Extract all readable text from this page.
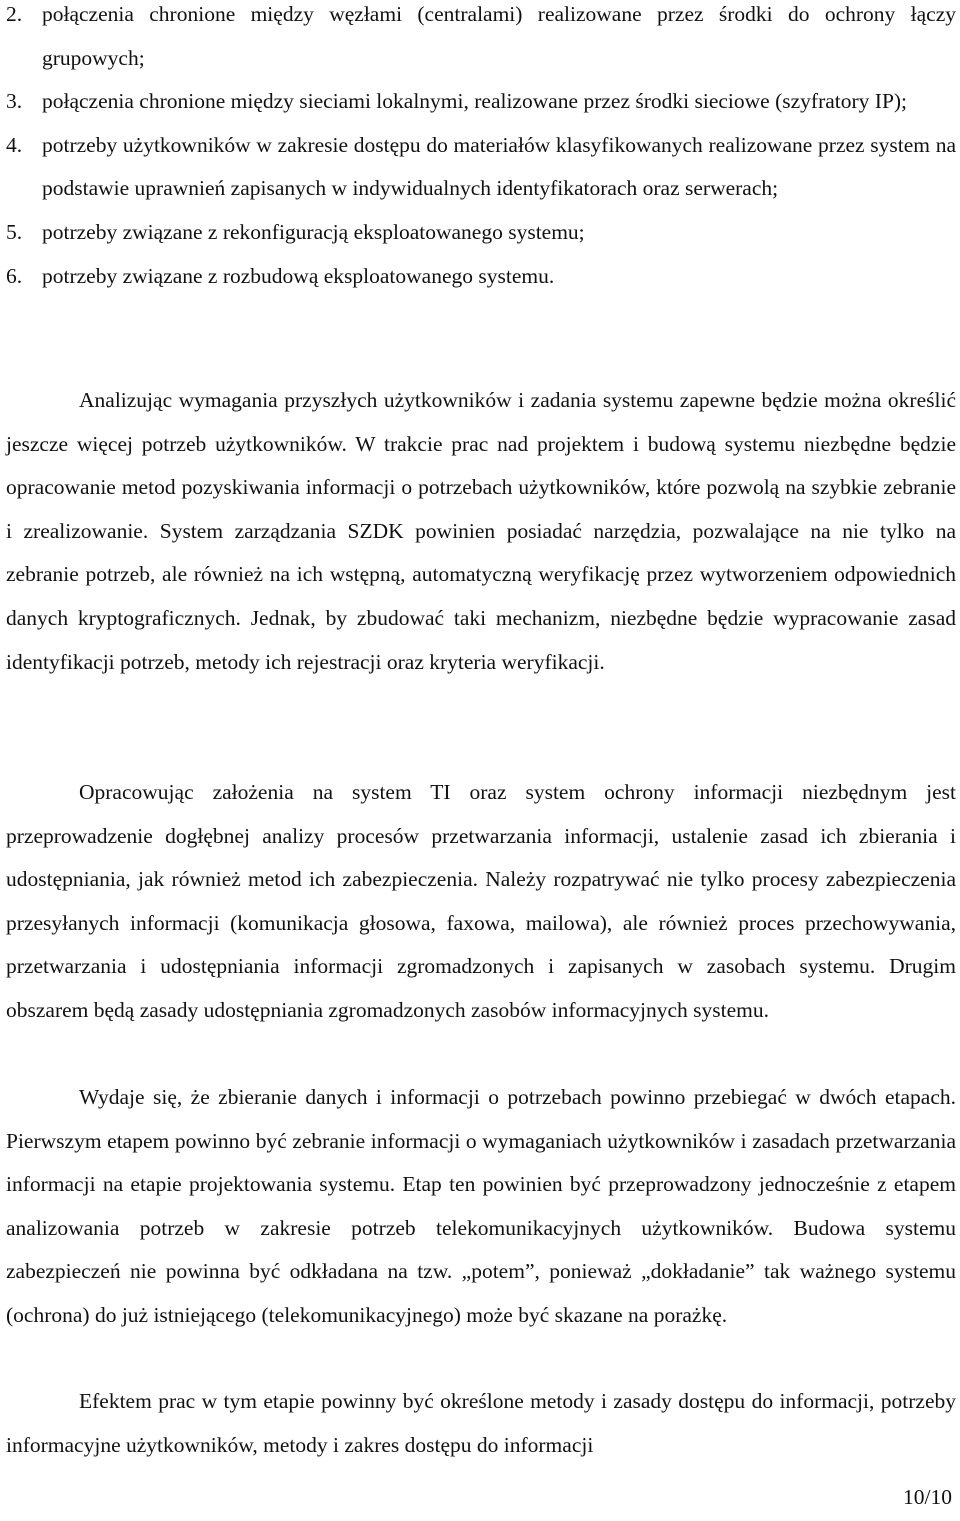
2. połączenia chronione między węzłami (centralami) realizowane przez środki do ochrony łączy grupowych;
3. połączenia chronione między sieciami lokalnymi, realizowane przez środki sieciowe (szyfratory IP);
4. potrzeby użytkowników w zakresie dostępu do materiałów klasyfikowanych realizowane przez system na podstawie uprawnień zapisanych w indywidualnych identyfikatorach oraz serwerach;
5. potrzeby związane z rekonfiguracją eksploatowanego systemu;
6. potrzeby związane z rozbudową eksploatowanego systemu.

Analizując wymagania przyszłych użytkowników i zadania systemu zapewne będzie można określić jeszcze więcej potrzeb użytkowników. W trakcie prac nad projektem i budową systemu niezbędne będzie opracowanie metod pozyskiwania informacji o potrzebach użytkowników, które pozwolą na szybkie zebranie i zrealizowanie. System zarządzania SZDK powinien posiadać narzędzia, pozwalające na nie tylko na zebranie potrzeb, ale również na ich wstępną, automatyczną weryfikację przez wytworzeniem odpowiednich danych kryptograficznych. Jednak, by zbudować taki mechanizm, niezbędne będzie wypracowanie zasad identyfikacji potrzeb, metody ich rejestracji oraz kryteria weryfikacji.

Opracowując założenia na system TI oraz system ochrony informacji niezbędnym jest przeprowadzenie dogłębnej analizy procesów przetwarzania informacji, ustalenie zasad ich zbierania i udostępniania, jak również metod ich zabezpieczenia. Należy rozpatrywać nie tylko procesy zabezpieczenia przesyłanych informacji (komunikacja głosowa, faxowa, mailowa), ale również proces przechowywania, przetwarzania i udostępniania informacji zgromadzonych i zapisanych w zasobach systemu. Drugim obszarem będą zasady udostępniania zgromadzonych zasobów informacyjnych systemu.

Wydaje się, że zbieranie danych i informacji o potrzebach powinno przebiegać w dwóch etapach. Pierwszym etapem powinno być zebranie informacji o wymaganiach użytkowników i zasadach przetwarzania informacji na etapie projektowania systemu. Etap ten powinien być przeprowadzony jednocześnie z etapem analizowania potrzeb w zakresie potrzeb telekomunikacyjnych użytkowników. Budowa systemu zabezpieczeń nie powinna być odkładana na tzw. „potem”, ponieważ „dokładanie” tak ważnego systemu (ochrona) do już istniejącego (telekomunikacyjnego) może być skazane na porażkę.

Efektem prac w tym etapie powinny być określone metody i zasady dostępu do informacji, potrzeby informacyjne użytkowników, metody i zakres dostępu do informacji

10/10
